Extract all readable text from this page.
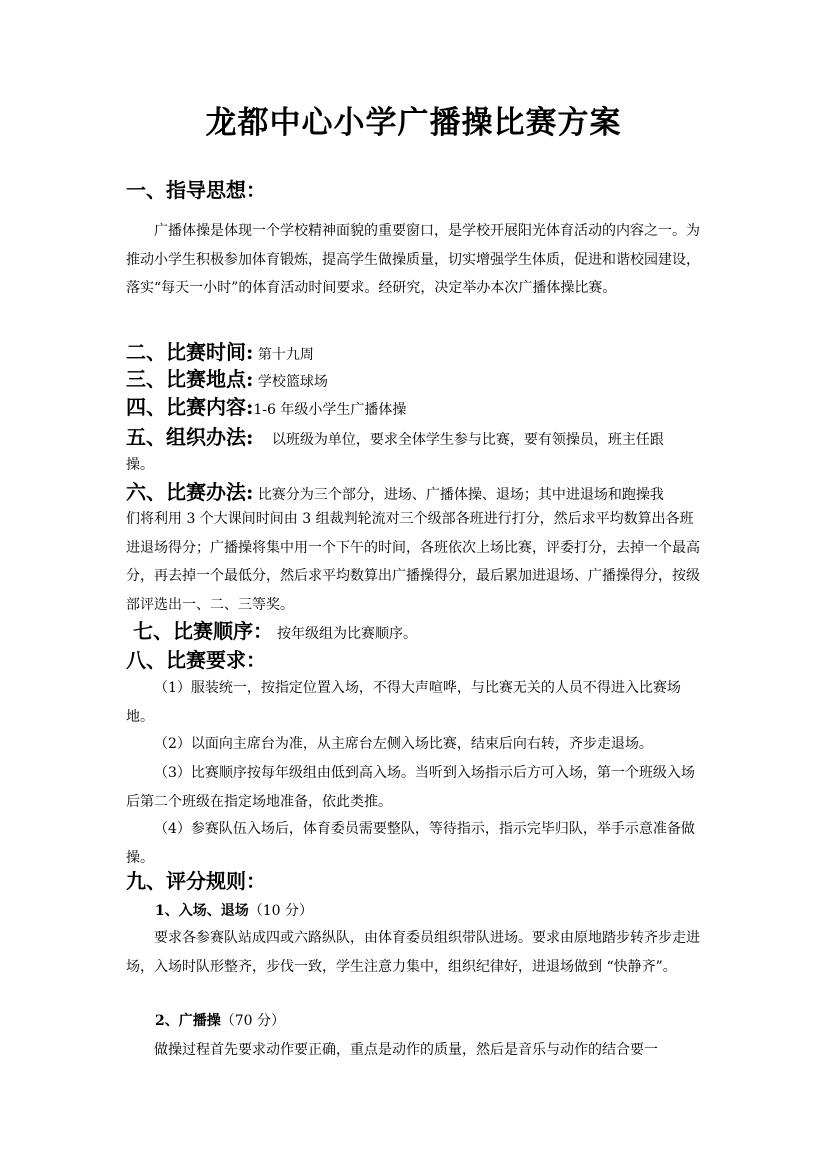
龙都中心小学广播操比赛方案
一、指导思想：
广播体操是体现一个学校精神面貌的重要窗口，是学校开展阳光体育活动的内容之一。为推动小学生积极参加体育锻炼，提高学生做操质量，切实增强学生体质，促进和谐校园建设，落实“每天一小时”的体育活动时间要求。经研究，决定举办本次广播体操比赛。
二、比赛时间: 第十九周
三、比赛地点: 学校篮球场
四、比赛内容:1-6 年级小学生广播体操
五、组织办法:　 以班级为单位，要求全体学生参与比赛，要有领操员，班主任跟
操。
六、比赛办法: 比赛分为三个部分，进场、广播体操、退场；其中进退场和跑操我
们将利用 3 个大课间时间由 3 组裁判轮流对三个级部各班进行打分，然后求平均数算出各班进退场得分；广播操将集中用一个下午的时间，各班依次上场比赛，评委打分，去掉一个最高分，再去掉一个最低分，然后求平均数算出广播操得分，最后累加进退场、广播操得分，按级部评选出一、二、三等奖。
七、比赛顺序：　按年级组为比赛顺序。
八、比赛要求：
（1）服装统一，按指定位置入场，不得大声喧哗，与比赛无关的人员不得进入比赛场地。
（2）以面向主席台为准，从主席台左侧入场比赛，结束后向右转，齐步走退场。
（3）比赛顺序按每年级组由低到高入场。当听到入场指示后方可入场，第一个班级入场后第二个班级在指定场地准备，依此类推。
（4）参赛队伍入场后，体育委员需要整队，等待指示，指示完毕归队，举手示意准备做操。
九、评分规则：
1、入场、退场（10 分）
要求各参赛队站成四或六路纵队，由体育委员组织带队进场。要求由原地踏步转齐步走进场，入场时队形整齐，步伐一致，学生注意力集中，组织纪律好，进退场做到 “快静齐”。
2、广播操（70 分）
做操过程首先要求动作要正确，重点是动作的质量，然后是音乐与动作的结合要一
